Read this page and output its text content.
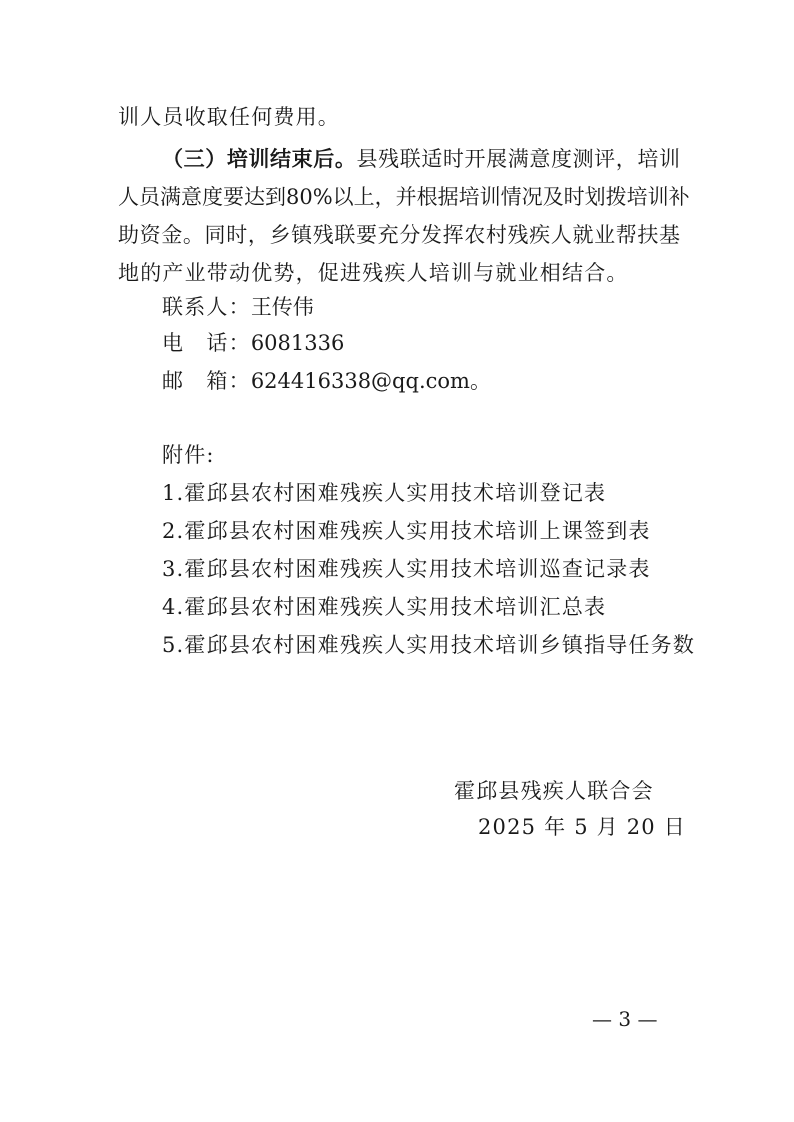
训人员收取任何费用。
（三）培训结束后。县残联适时开展满意度测评，培训
人员满意度要达到80%以上，并根据培训情况及时划拨培训补
助资金。同时，乡镇残联要充分发挥农村残疾人就业帮扶基
地的产业带动优势，促进残疾人培训与就业相结合。
联系人：王传伟
电　话：6081336
邮　箱：624416338@qq.com。
附件:
1.霍邱县农村困难残疾人实用技术培训登记表
2.霍邱县农村困难残疾人实用技术培训上课签到表
3.霍邱县农村困难残疾人实用技术培训巡查记录表
4.霍邱县农村困难残疾人实用技术培训汇总表
5.霍邱县农村困难残疾人实用技术培训乡镇指导任务数
霍邱县残疾人联合会
2025 年 5 月 20 日
— 3 —
